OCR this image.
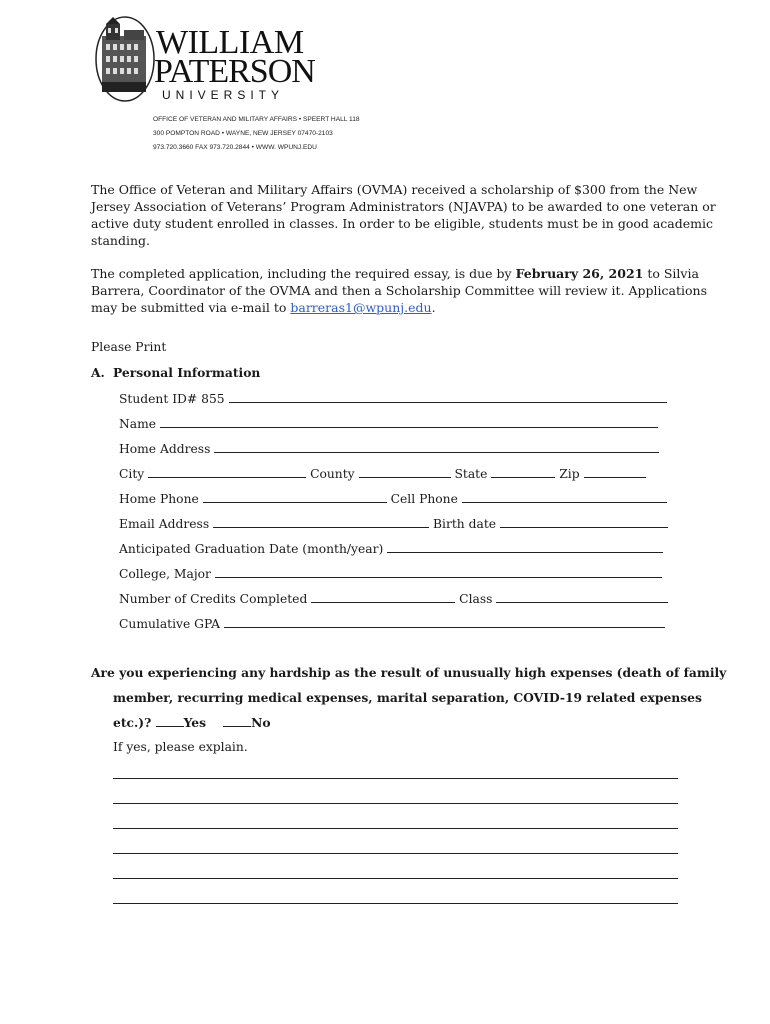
WILLIAM
PATERSON
UNIVERSITY
OFFICE OF VETERAN AND MILITARY AFFAIRS • SPEERT HALL 118
300 POMPTON ROAD • WAYNE, NEW JERSEY 07470-2103
973.720.3660 FAX 973.720.2844 • WWW. WPUNJ.EDU
The Office of Veteran and Military Affairs (OVMA) received a scholarship of $300 from the New
Jersey Association of Veterans’ Program Administrators (NJAVPA) to be awarded to one veteran or
active duty student enrolled in classes. In order to be eligible, students must be in good academic
standing.
The completed application, including the required essay, is due by February 26, 2021 to Silvia
Barrera, Coordinator of the OVMA and then a Scholarship Committee will review it. Applications
may be submitted via e-mail to barreras1@wpunj.edu.
Please Print
A. Personal Information
Student ID# 855
Name
Home Address
City	County	State	Zip
Home Phone	Cell Phone
Email Address	Birth date
Anticipated Graduation Date (month/year)
College, Major
Number of Credits Completed	Class
Cumulative GPA
Are you experiencing any hardship as the result of unusually high expenses (death of family
member, recurring medical expenses, marital separation, COVID-19 related expenses
etc.)? Yes	No
If yes, please explain.
